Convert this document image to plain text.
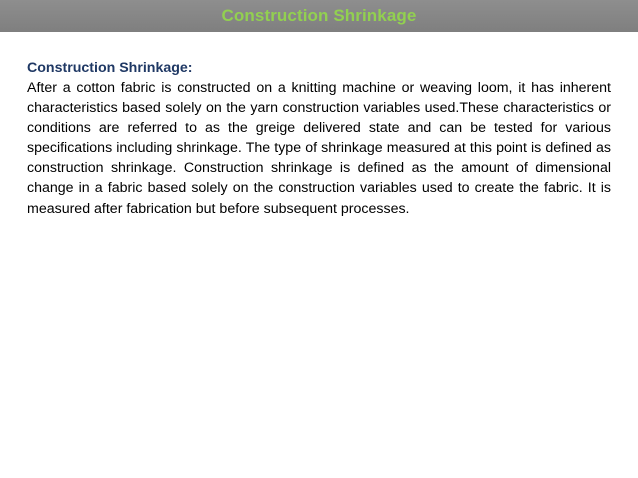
Construction Shrinkage

Construction Shrinkage:

After a cotton fabric is constructed on a knitting machine or weaving loom, it has inherent characteristics based solely on the yarn construction variables used.These characteristics or conditions are referred to as the greige delivered state and can be tested for various specifications including shrinkage. The type of shrinkage measured at this point is defined as construction shrinkage. Construction shrinkage is defined as the amount of dimensional change in a fabric based solely on the construction variables used to create the fabric. It is measured after fabrication but before subsequent processes.
